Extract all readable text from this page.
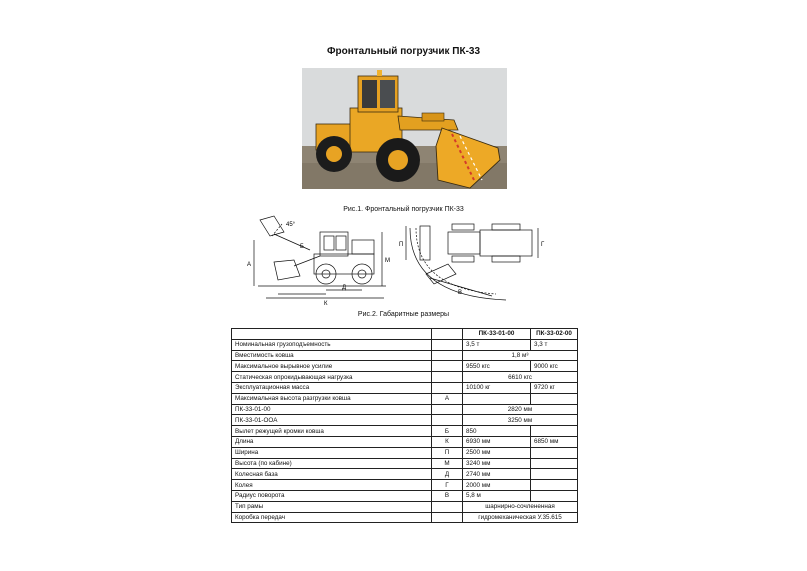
Фронтальный погрузчик ПК-33
Рис.1. Фронтальный погрузчик ПК-33
45°
А
Б
М
Д
К
П	Г
В
Рис.2. Габаритные размеры
		ПК-33-01-00	ПК-33-02-00
Номинальная грузоподъемность		3,5 т	3,3 т
Вместимость ковша		1,8 м³	
Максимальное вырывное усилие		9550 кгс	9000 кгс
Статическая опрокидывающая нагрузка		6610 кгс	
Эксплуатационная масса		10100 кг	9720 кг
Максимальная высота разгрузки ковша	А		
ПК-33-01-00		2820 мм	
ПК-33-01-OOA		3250 мм	
Вылет режущей кромки ковша	Б	850	
Длина	К	6930 мм	6850 мм
Ширина	П	2500 мм	
Высота (по кабине)	М	3240 мм	
Колесная база	Д	2740 мм	
Колея	Г	2000 мм	
Радиус поворота	В	5,8 м	
Тип рамы		шарнирно-сочлененная	
Коробка передач		гидромеханическая У.35.615	
